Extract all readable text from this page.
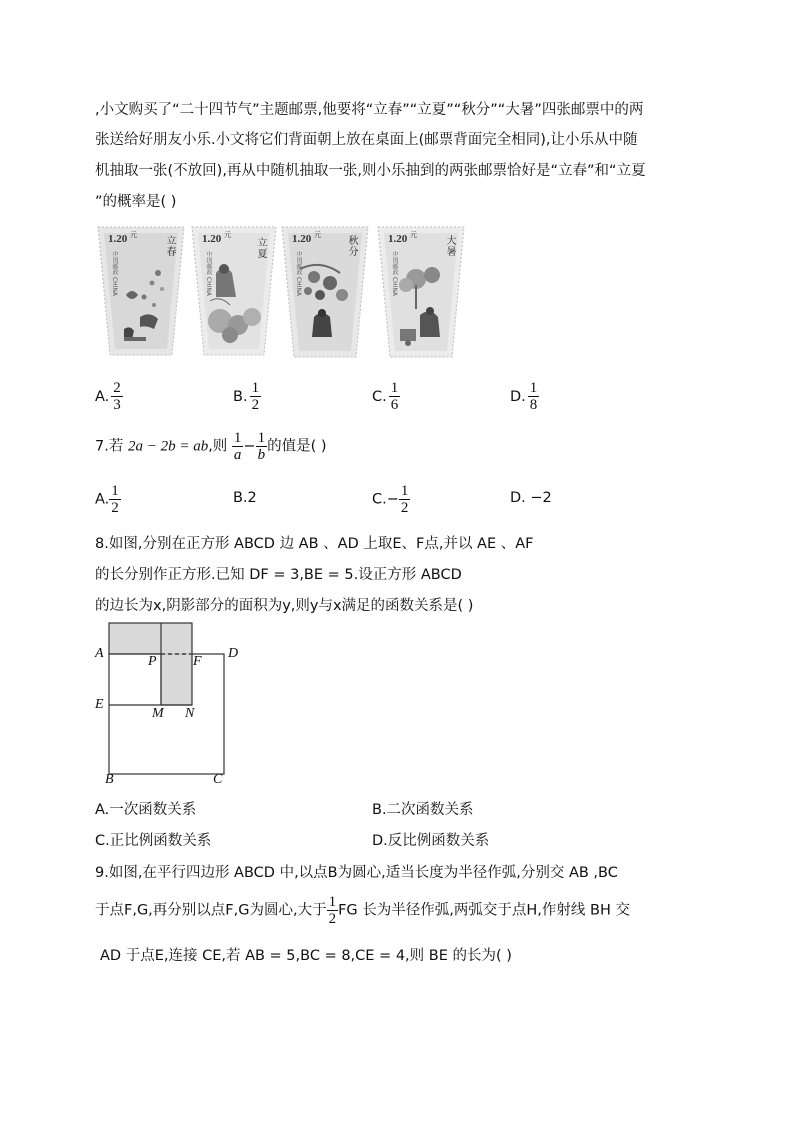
,小文购买了“二十四节气”主题邮票,他要将“立春”“立夏”“秋分”“大暑”四张邮票中的两
张送给好朋友小乐.小文将它们背面朝上放在桌面上(邮票背面完全相同),让小乐从中随
机抽取一张(不放回),再从中随机抽取一张,则小乐抽到的两张邮票恰好是“立春”和“立夏
”的概率是( )
1.20 元	立春
中国邮政 CHINA
1.20 元
立夏
中国邮政 CHINA
1.20 元	秋分
中国邮政 CHINA
1.20 元	大暑
中国邮政 CHINA
A. $\frac{2}{3}$	B. $\frac{1}{2}$	C. $\frac{1}{6}$	D. $\frac{1}{8}$
7.若 2a − 2b = ab,则 $\frac{1}{a} - \frac{1}{b}$ 的值是( )
A. $\frac{1}{2}$	B.2	$C.- \frac{1}{2}$	D. −2
8.如图,分别在正方形 ABCD 边 AB 、AD 上取E、F点,并以 AE 、AF
的长分别作正方形.已知 DF = 3,BE = 5.设正方形 ABCD
的边长为x,阴影部分的面积为y,则y与x满足的函数关系是( )
A
P	F
D
E
M N
B	C
A.一次函数关系	B.二次函数关系
C.正比例函数关系	D.反比例函数关系
9.如图,在平行四边形 ABCD 中,以点B为圆心,适当长度为半径作弧,分别交 AB ,BC
于点F,G,再分别以点F,G为圆心,大于 $\frac{1}{2}$ FG 长为半径作弧,两弧交于点H,作射线 BH 交
AD 于点E,连接 CE,若 AB = 5,BC = 8,CE = 4,则 BE 的长为( )
